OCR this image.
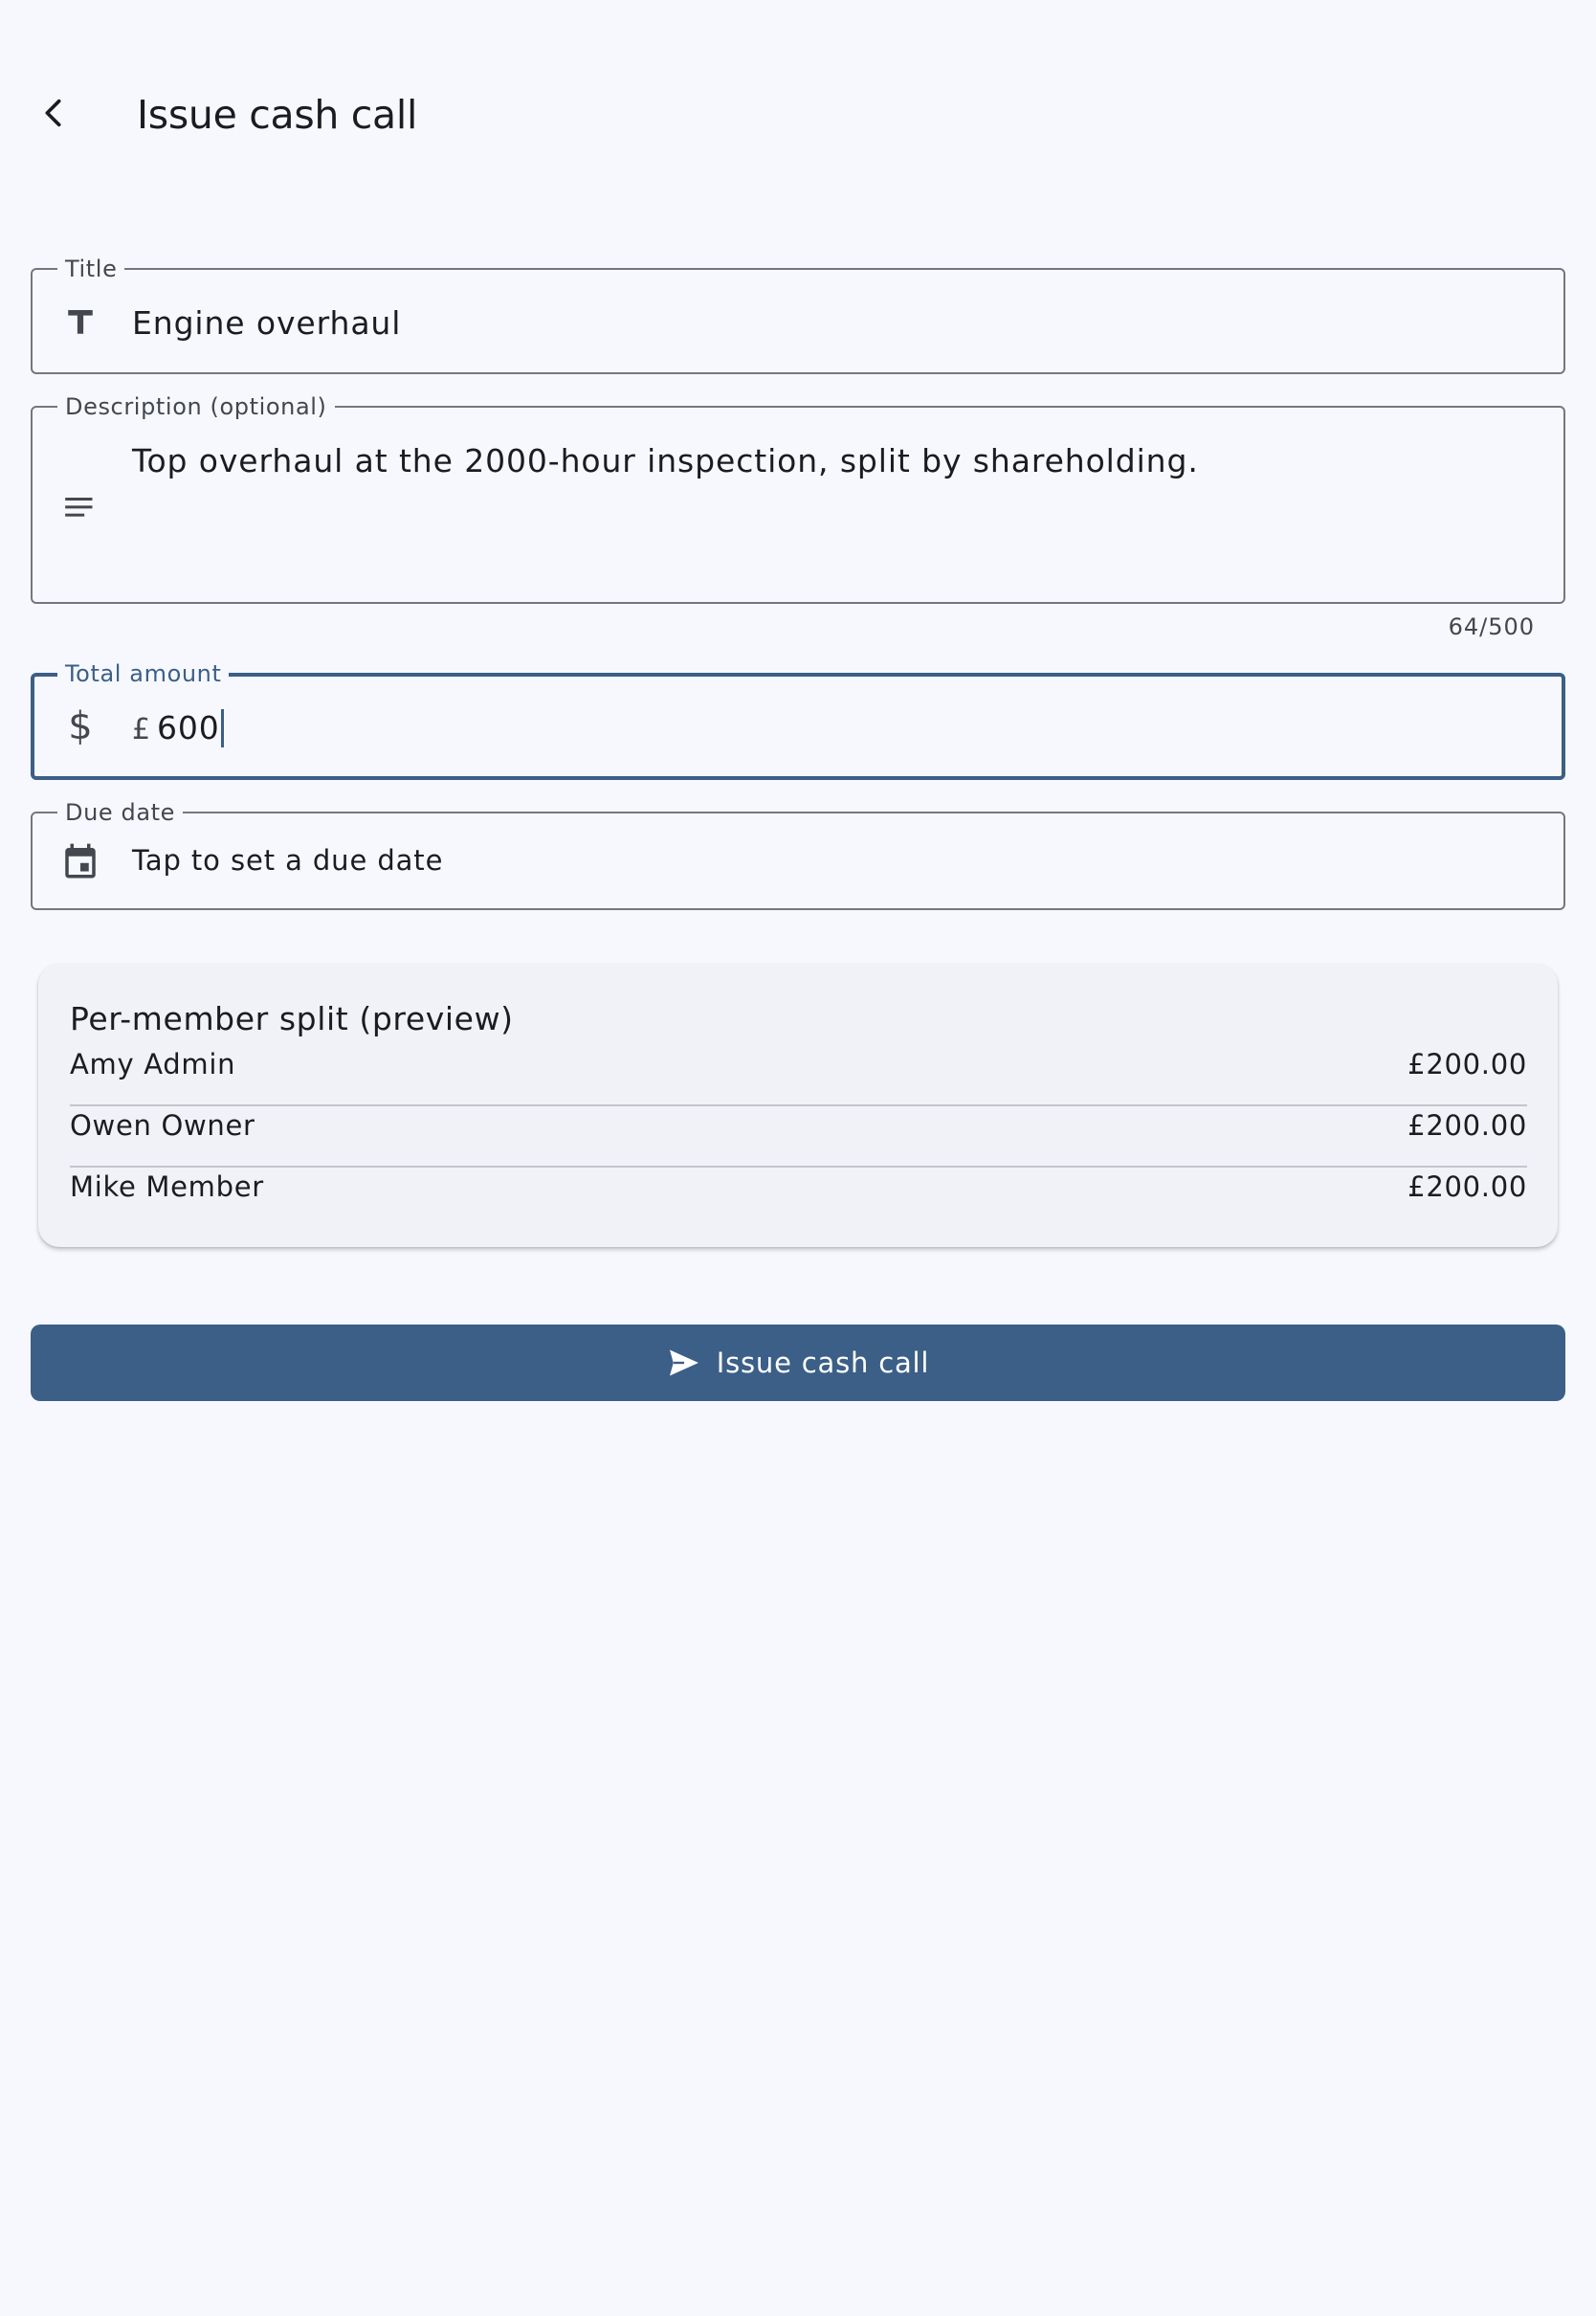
Issue cash call
Title
Engine overhaul
Description (optional)
Top overhaul at the 2000-hour inspection, split by shareholding.
64/500
Total amount
$	£ 600
Due date
Tap to set a due date
Per-member split (preview)
Amy Admin	£200.00
Owen Owner	£200.00
Mike Member	£200.00
Issue cash call
